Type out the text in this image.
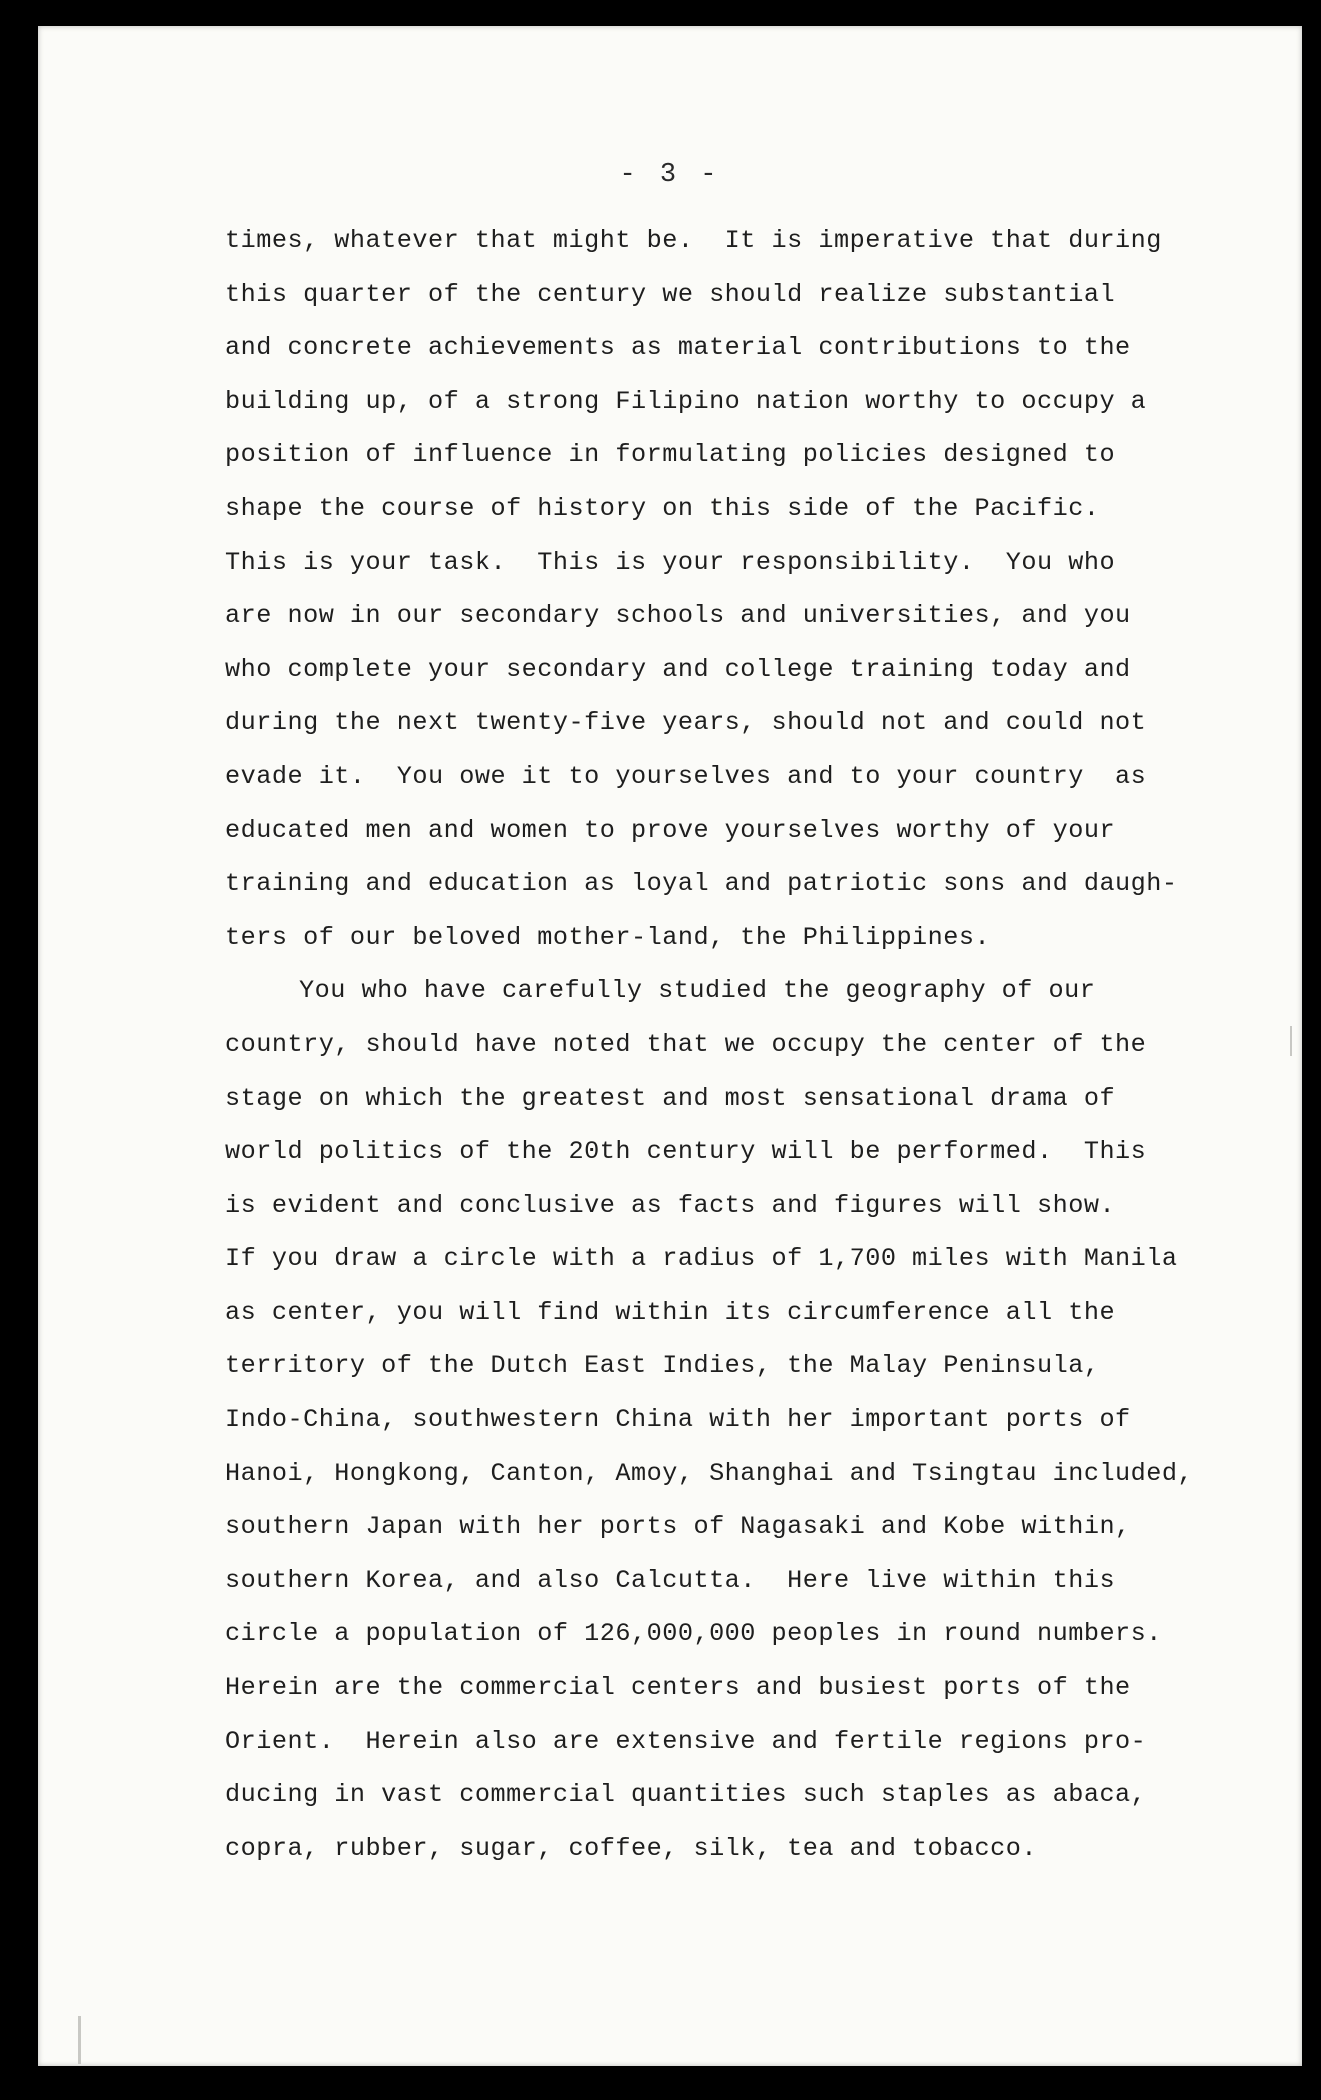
- 3 -
times, whatever that might be.  It is imperative that during
this quarter of the century we should realize substantial
and concrete achievements as material contributions to the
building up, of a strong Filipino nation worthy to occupy a
position of influence in formulating policies designed to
shape the course of history on this side of the Pacific.
This is your task.  This is your responsibility.  You who
are now in our secondary schools and universities, and you
who complete your secondary and college training today and
during the next twenty-five years, should not and could not
evade it.  You owe it to yourselves and to your country  as
educated men and women to prove yourselves worthy of your
training and education as loyal and patriotic sons and daugh-
ters of our beloved mother-land, the Philippines.
You who have carefully studied the geography of our
country, should have noted that we occupy the center of the
stage on which the greatest and most sensational drama of
world politics of the 20th century will be performed.  This
is evident and conclusive as facts and figures will show.
If you draw a circle with a radius of 1,700 miles with Manila
as center, you will find within its circumference all the
territory of the Dutch East Indies, the Malay Peninsula,
Indo-China, southwestern China with her important ports of
Hanoi, Hongkong, Canton, Amoy, Shanghai and Tsingtau included,
southern Japan with her ports of Nagasaki and Kobe within,
southern Korea, and also Calcutta.  Here live within this
circle a population of 126,000,000 peoples in round numbers.
Herein are the commercial centers and busiest ports of the
Orient.  Herein also are extensive and fertile regions pro-
ducing in vast commercial quantities such staples as abaca,
copra, rubber, sugar, coffee, silk, tea and tobacco.
